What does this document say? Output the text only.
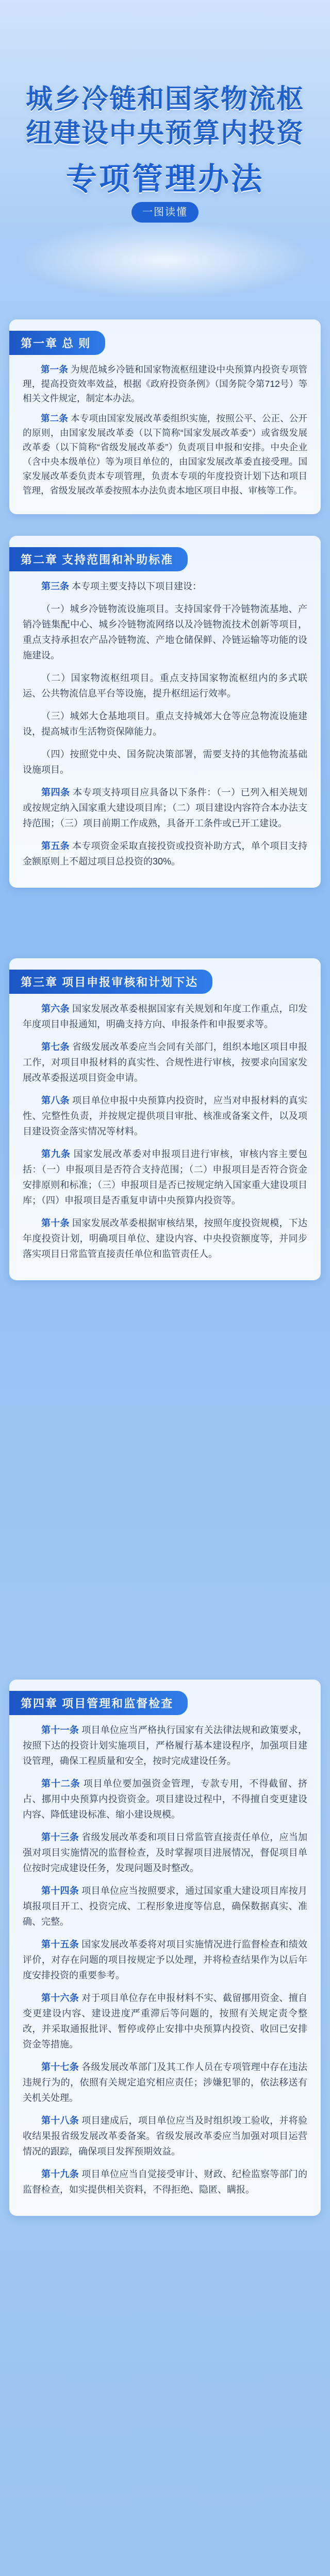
城乡冷链和国家物流枢
纽建设中央预算内投资
专项管理办法
一图读懂
第一章 总 则

第一条 为规范城乡冷链和国家物流枢纽建设中央预算内投资专项管理，提高投资效率效益，根据《政府投资条例》（国务院令第712号）等相关文件规定，制定本办法。

第二条 本专项由国家发展改革委组织实施，按照公平、公正、公开的原则，由国家发展改革委（以下简称“国家发展改革委”）或省级发展改革委（以下简称“省级发展改革委”）负责项目申报和安排。中央企业（含中央本级单位）等为项目单位的，由国家发展改革委直接受理。国家发展改革委负责本专项管理，负责本专项的年度投资计划下达和项目管理，省级发展改革委按照本办法负责本地区项目申报、审核等工作。

第二章 支持范围和补助标准

第三条 本专项主要支持以下项目建设：

（一）城乡冷链物流设施项目。支持国家骨干冷链物流基地、产销冷链集配中心、城乡冷链物流网络以及冷链物流技术创新等项目，重点支持承担农产品冷链物流、产地仓储保鲜、冷链运输等功能的设施建设。

（二）国家物流枢纽项目。重点支持国家物流枢纽内的多式联运、公共物流信息平台等设施，提升枢纽运行效率。

（三）城郊大仓基地项目。重点支持城郊大仓等应急物流设施建设，提高城市生活物资保障能力。

（四）按照党中央、国务院决策部署，需要支持的其他物流基础设施项目。

第四条 本专项支持项目应具备以下条件：（一）已列入相关规划或按规定纳入国家重大建设项目库；（二）项目建设内容符合本办法支持范围；（三）项目前期工作成熟，具备开工条件或已开工建设。

第五条 本专项资金采取直接投资或投资补助方式，单个项目支持金额原则上不超过项目总投资的30%。

第三章 项目申报审核和计划下达

第六条 国家发展改革委根据国家有关规划和年度工作重点，印发年度项目申报通知，明确支持方向、申报条件和申报要求等。

第七条 省级发展改革委应当会同有关部门，组织本地区项目申报工作，对项目申报材料的真实性、合规性进行审核，按要求向国家发展改革委报送项目资金申请。

第八条 项目单位申报中央预算内投资时，应当对申报材料的真实性、完整性负责，并按规定提供项目审批、核准或备案文件，以及项目建设资金落实情况等材料。

第九条 国家发展改革委对申报项目进行审核，审核内容主要包括：（一）申报项目是否符合支持范围；（二）申报项目是否符合资金安排原则和标准；（三）申报项目是否已按规定纳入国家重大建设项目库；（四）申报项目是否重复申请中央预算内投资等。

第十条 国家发展改革委根据审核结果，按照年度投资规模，下达年度投资计划，明确项目单位、建设内容、中央投资额度等，并同步落实项目日常监管直接责任单位和监管责任人。

第四章 项目管理和监督检查

第十一条 项目单位应当严格执行国家有关法律法规和政策要求，按照下达的投资计划实施项目，严格履行基本建设程序，加强项目建设管理，确保工程质量和安全，按时完成建设任务。

第十二条 项目单位要加强资金管理，专款专用，不得截留、挤占、挪用中央预算内投资资金。项目建设过程中，不得擅自变更建设内容、降低建设标准、缩小建设规模。

第十三条 省级发展改革委和项目日常监管直接责任单位，应当加强对项目实施情况的监督检查，及时掌握项目进展情况，督促项目单位按时完成建设任务，发现问题及时整改。

第十四条 项目单位应当按照要求，通过国家重大建设项目库按月填报项目开工、投资完成、工程形象进度等信息，确保数据真实、准确、完整。

第十五条 国家发展改革委将对项目实施情况进行监督检查和绩效评价，对存在问题的项目按规定予以处理，并将检查结果作为以后年度安排投资的重要参考。

第十六条 对于项目单位存在申报材料不实、截留挪用资金、擅自变更建设内容、建设进度严重滞后等问题的，按照有关规定责令整改，并采取通报批评、暂停或停止安排中央预算内投资、收回已安排资金等措施。

第十七条 各级发展改革部门及其工作人员在专项管理中存在违法违规行为的，依照有关规定追究相应责任；涉嫌犯罪的，依法移送有关机关处理。

第十八条 项目建成后，项目单位应当及时组织竣工验收，并将验收结果报省级发展改革委备案。省级发展改革委应当加强对项目运营情况的跟踪，确保项目发挥预期效益。

第十九条 项目单位应当自觉接受审计、财政、纪检监察等部门的监督检查，如实提供相关资料，不得拒绝、隐匿、瞒报。
